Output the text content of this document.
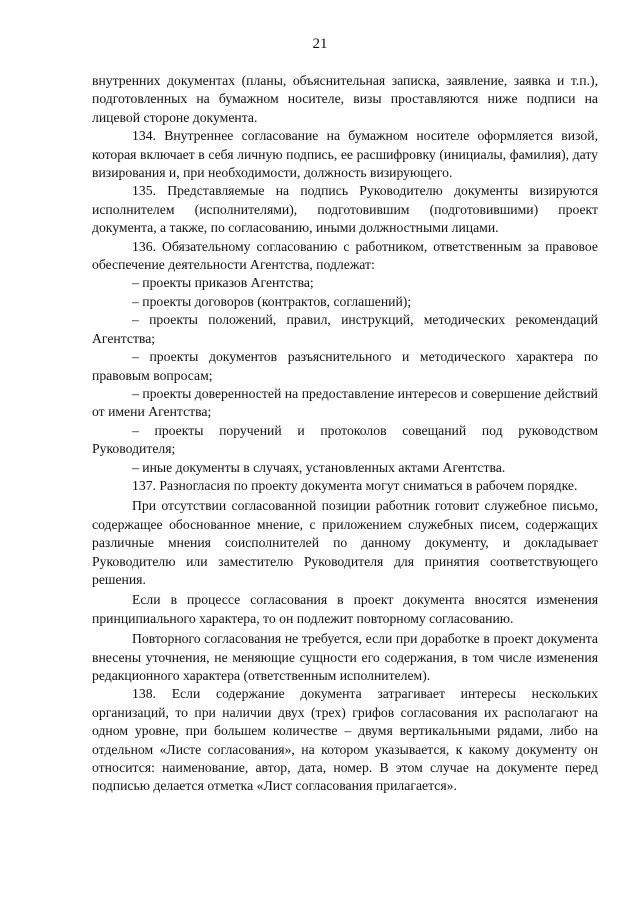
21

внутренних документах (планы, объяснительная записка, заявление, заявка и т.п.), подготовленных на бумажном носителе, визы проставляются ниже подписи на лицевой стороне документа.

134. Внутреннее согласование на бумажном носителе оформляется визой, которая включает в себя личную подпись, ее расшифровку (инициалы, фамилия), дату визирования и, при необходимости, должность визирующего.

135. Представляемые на подпись Руководителю документы визируются исполнителем (исполнителями), подготовившим (подготовившими) проект документа, а также, по согласованию, иными должностными лицами.

136. Обязательному согласованию с работником, ответственным за правовое обеспечение деятельности Агентства, подлежат:

– проекты приказов Агентства;

– проекты договоров (контрактов, соглашений);

– проекты положений, правил, инструкций, методических рекомендаций Агентства;

– проекты документов разъяснительного и методического характера по правовым вопросам;

– проекты доверенностей на предоставление интересов и совершение действий от имени Агентства;

– проекты поручений и протоколов совещаний под руководством Руководителя;

– иные документы в случаях, установленных актами Агентства.

137. Разногласия по проекту документа могут сниматься в рабочем порядке.

При отсутствии согласованной позиции работник готовит служебное письмо, содержащее обоснованное мнение, с приложением служебных писем, содержащих различные мнения соисполнителей по данному документу, и докладывает Руководителю или заместителю Руководителя для принятия соответствующего решения.

Если в процессе согласования в проект документа вносятся изменения принципиального характера, то он подлежит повторному согласованию.

Повторного согласования не требуется, если при доработке в проект документа внесены уточнения, не меняющие сущности его содержания, в том числе изменения редакционного характера (ответственным исполнителем).

138. Если содержание документа затрагивает интересы нескольких организаций, то при наличии двух (трех) грифов согласования их располагают на одном уровне, при большем количестве – двумя вертикальными рядами, либо на отдельном «Листе согласования», на котором указывается, к какому документу он относится: наименование, автор, дата, номер. В этом случае на документе перед подписью делается отметка «Лист согласования прилагается».
